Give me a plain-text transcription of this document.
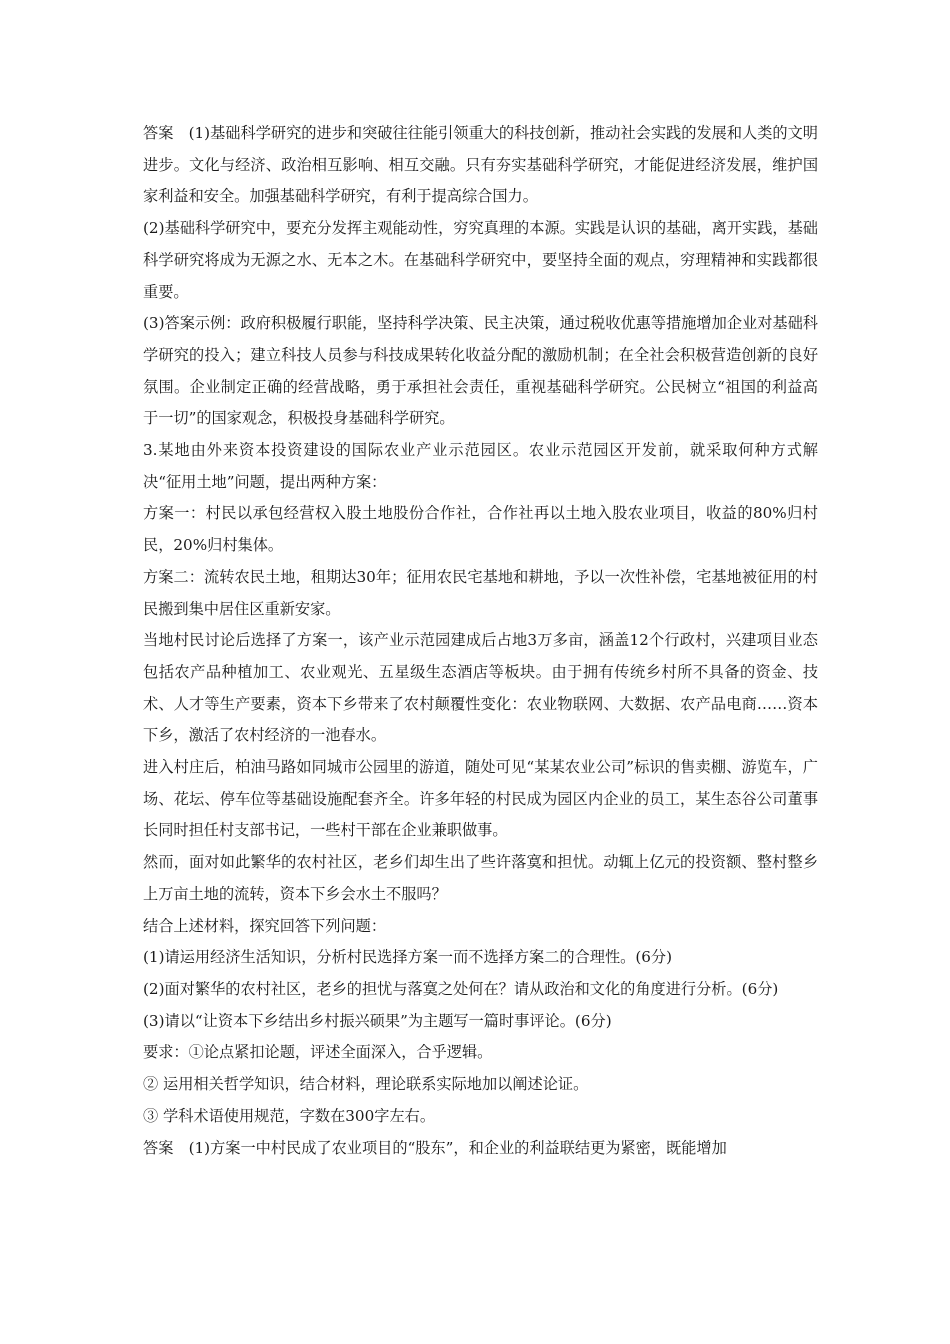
答案　(1)基础科学研究的进步和突破往往能引领重大的科技创新，推动社会实践的发展和人类的文明进步。文化与经济、政治相互影响、相互交融。只有夯实基础科学研究，才能促进经济发展，维护国家利益和安全。加强基础科学研究，有利于提高综合国力。

(2)基础科学研究中，要充分发挥主观能动性，穷究真理的本源。实践是认识的基础，离开实践，基础科学研究将成为无源之水、无本之木。在基础科学研究中，要坚持全面的观点，穷理精神和实践都很重要。

(3)答案示例：政府积极履行职能，坚持科学决策、民主决策，通过税收优惠等措施增加企业对基础科学研究的投入；建立科技人员参与科技成果转化收益分配的激励机制；在全社会积极营造创新的良好氛围。企业制定正确的经营战略，勇于承担社会责任，重视基础科学研究。公民树立“祖国的利益高于一切”的国家观念，积极投身基础科学研究。

3.某地由外来资本投资建设的国际农业产业示范园区。农业示范园区开发前，就采取何种方式解决“征用土地”问题，提出两种方案：

方案一：村民以承包经营权入股土地股份合作社，合作社再以土地入股农业项目，收益的80%归村民，20%归村集体。

方案二：流转农民土地，租期达30年；征用农民宅基地和耕地，予以一次性补偿，宅基地被征用的村民搬到集中居住区重新安家。

当地村民讨论后选择了方案一，该产业示范园建成后占地3万多亩，涵盖12个行政村，兴建项目业态包括农产品种植加工、农业观光、五星级生态酒店等板块。由于拥有传统乡村所不具备的资金、技术、人才等生产要素，资本下乡带来了农村颠覆性变化：农业物联网、大数据、农产品电商……资本下乡，激活了农村经济的一池春水。

进入村庄后，柏油马路如同城市公园里的游道，随处可见“某某农业公司”标识的售卖棚、游览车，广场、花坛、停车位等基础设施配套齐全。许多年轻的村民成为园区内企业的员工，某生态谷公司董事长同时担任村支部书记，一些村干部在企业兼职做事。

然而，面对如此繁华的农村社区，老乡们却生出了些许落寞和担忧。动辄上亿元的投资额、整村整乡上万亩土地的流转，资本下乡会水土不服吗？

结合上述材料，探究回答下列问题：

(1)请运用经济生活知识，分析村民选择方案一而不选择方案二的合理性。(6分)

(2)面对繁华的农村社区，老乡的担忧与落寞之处何在？请从政治和文化的角度进行分析。(6分)

(3)请以“让资本下乡结出乡村振兴硕果”为主题写一篇时事评论。(6分)

要求：①论点紧扣论题，评述全面深入，合乎逻辑。

② 运用相关哲学知识，结合材料，理论联系实际地加以阐述论证。

③ 学科术语使用规范，字数在300字左右。

答案　(1)方案一中村民成了农业项目的“股东”，和企业的利益联结更为紧密，既能增加
